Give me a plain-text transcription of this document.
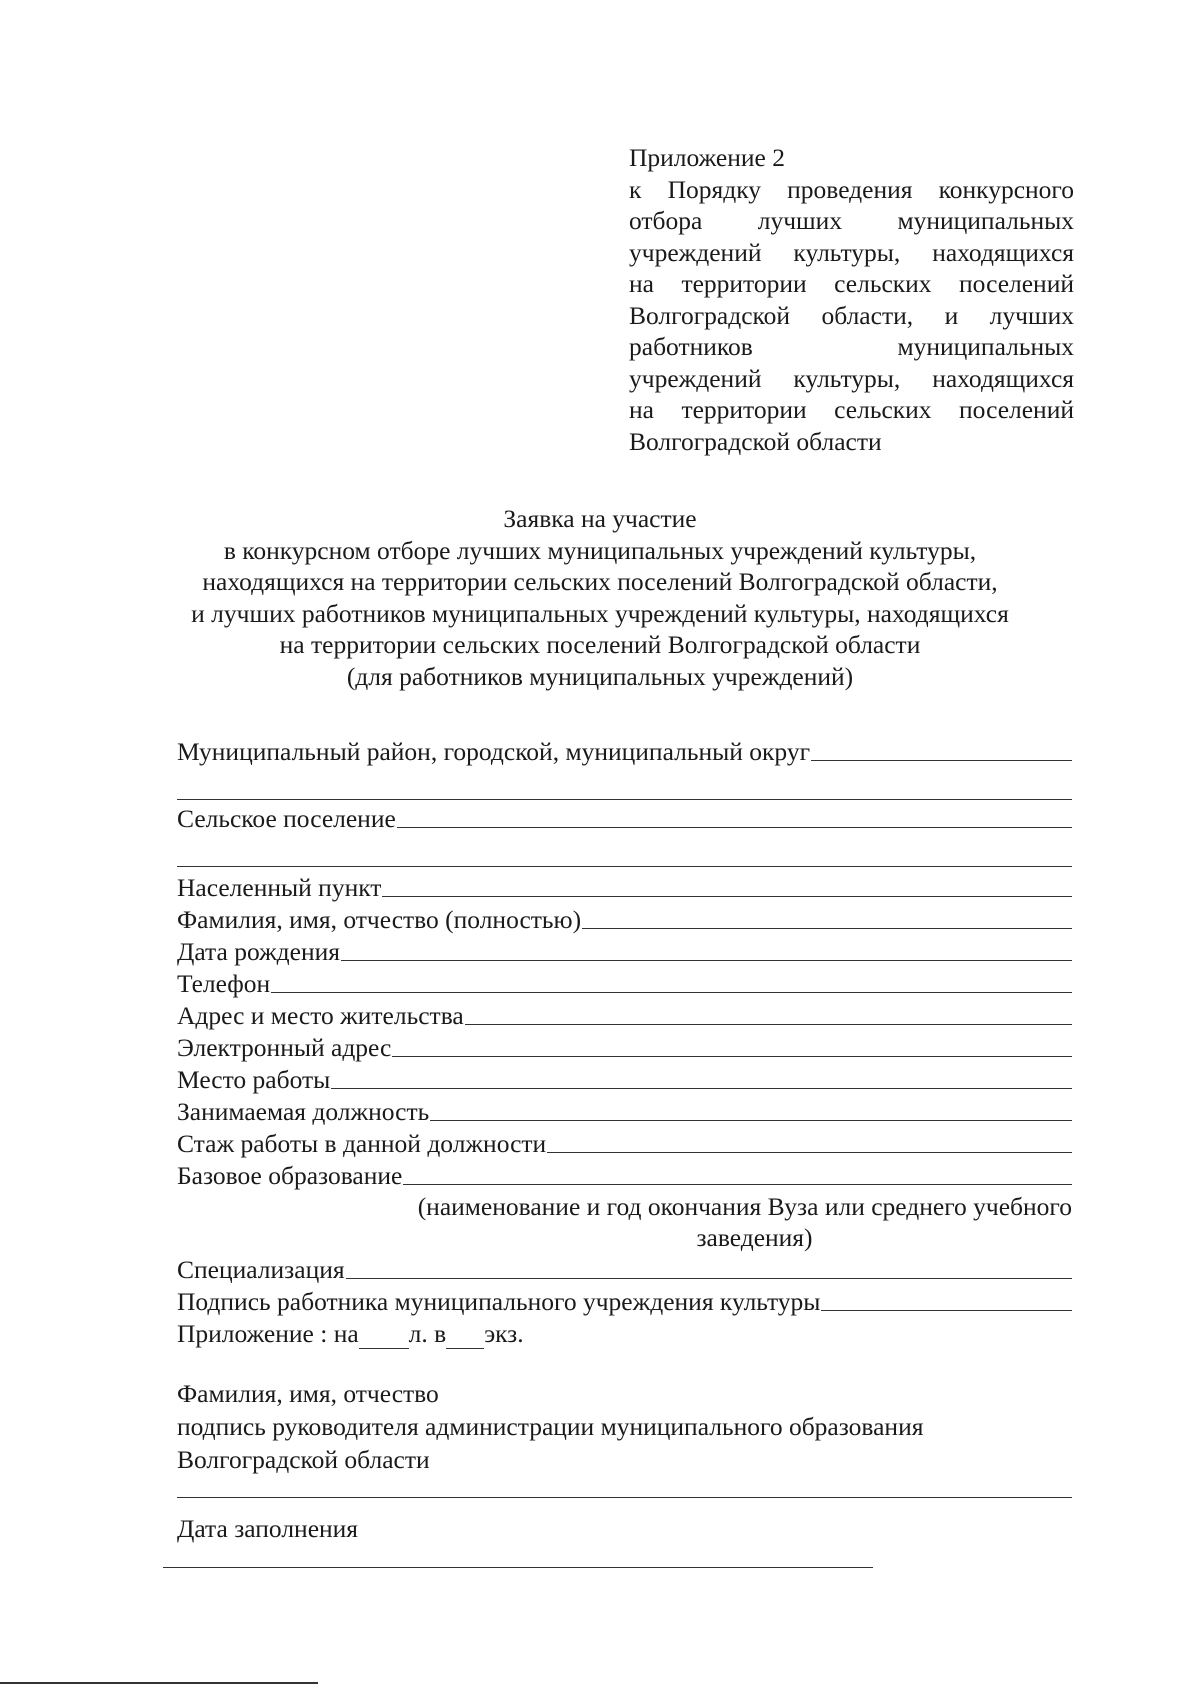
Приложение 2
к Порядку проведения конкурсного
отбора лучших муниципальных
учреждений культуры, находящихся
на территории сельских поселений
Волгоградской области, и лучших
работников муниципальных
учреждений культуры, находящихся
на территории сельских поселений
Волгоградской области
Заявка на участие
в конкурсном отборе лучших муниципальных учреждений культуры,
находящихся на территории сельских поселений Волгоградской области,
и лучших работников муниципальных учреждений культуры, находящихся
на территории сельских поселений Волгоградской области
(для работников муниципальных учреждений)
Муниципальный район, городской, муниципальный округ
Сельское поселение
Населенный пункт
Фамилия, имя, отчество (полностью)
Дата рождения
Телефон
Адрес и место жительства
Электронный адрес
Место работы
Занимаемая должность
Стаж работы в данной должности
Базовое образование
(наименование и год окончания Вуза или среднего учебного
заведения)
Специализация
Подпись работника муниципального учреждения культуры
Приложение : на л. в экз.
Фамилия, имя, отчество
подпись руководителя администрации муниципального образования
Волгоградской области
Дата заполнения
